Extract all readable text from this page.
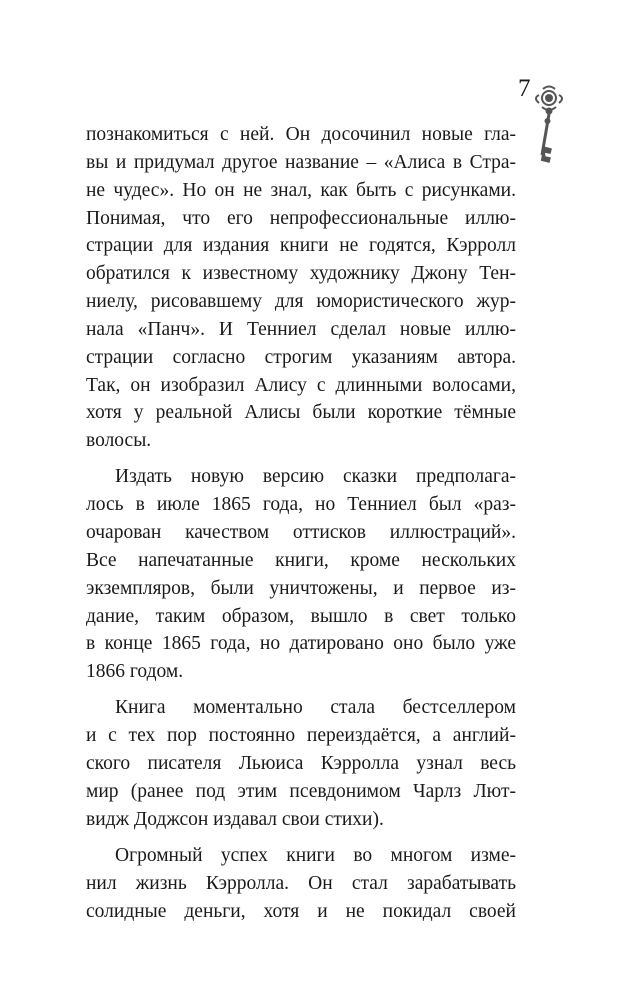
7
познакомиться с ней. Он досочинил новые гла-
вы и придумал другое название – «Алиса в Стра-
не чудес». Но он не знал, как быть с рисунками.
Понимая, что его непрофессиональные иллю-
страции для издания книги не годятся, Кэрролл
обратился к известному художнику Джону Тен-
ниелу, рисовавшему для юмористического жур-
нала «Панч». И Тенниел сделал новые иллю-
страции согласно строгим указаниям автора.
Так, он изобразил Алису с длинными волосами,
хотя у реальной Алисы были короткие тёмные
волосы.
Издать новую версию сказки предполага-
лось в июле 1865 года, но Тенниел был «раз-
очарован качеством оттисков иллюстраций».
Все напечатанные книги, кроме нескольких
экземпляров, были уничтожены, и первое из-
дание, таким образом, вышло в свет только
в конце 1865 года, но датировано оно было уже
1866 годом.
Книга моментально стала бестселлером
и с тех пор постоянно переиздаётся, а англий-
ского писателя Льюиса Кэрролла узнал весь
мир (ранее под этим псевдонимом Чарлз Лют-
видж Доджсон издавал свои стихи).
Огромный успех книги во многом изме-
нил жизнь Кэрролла. Он стал зарабатывать
солидные деньги, хотя и не покидал своей
